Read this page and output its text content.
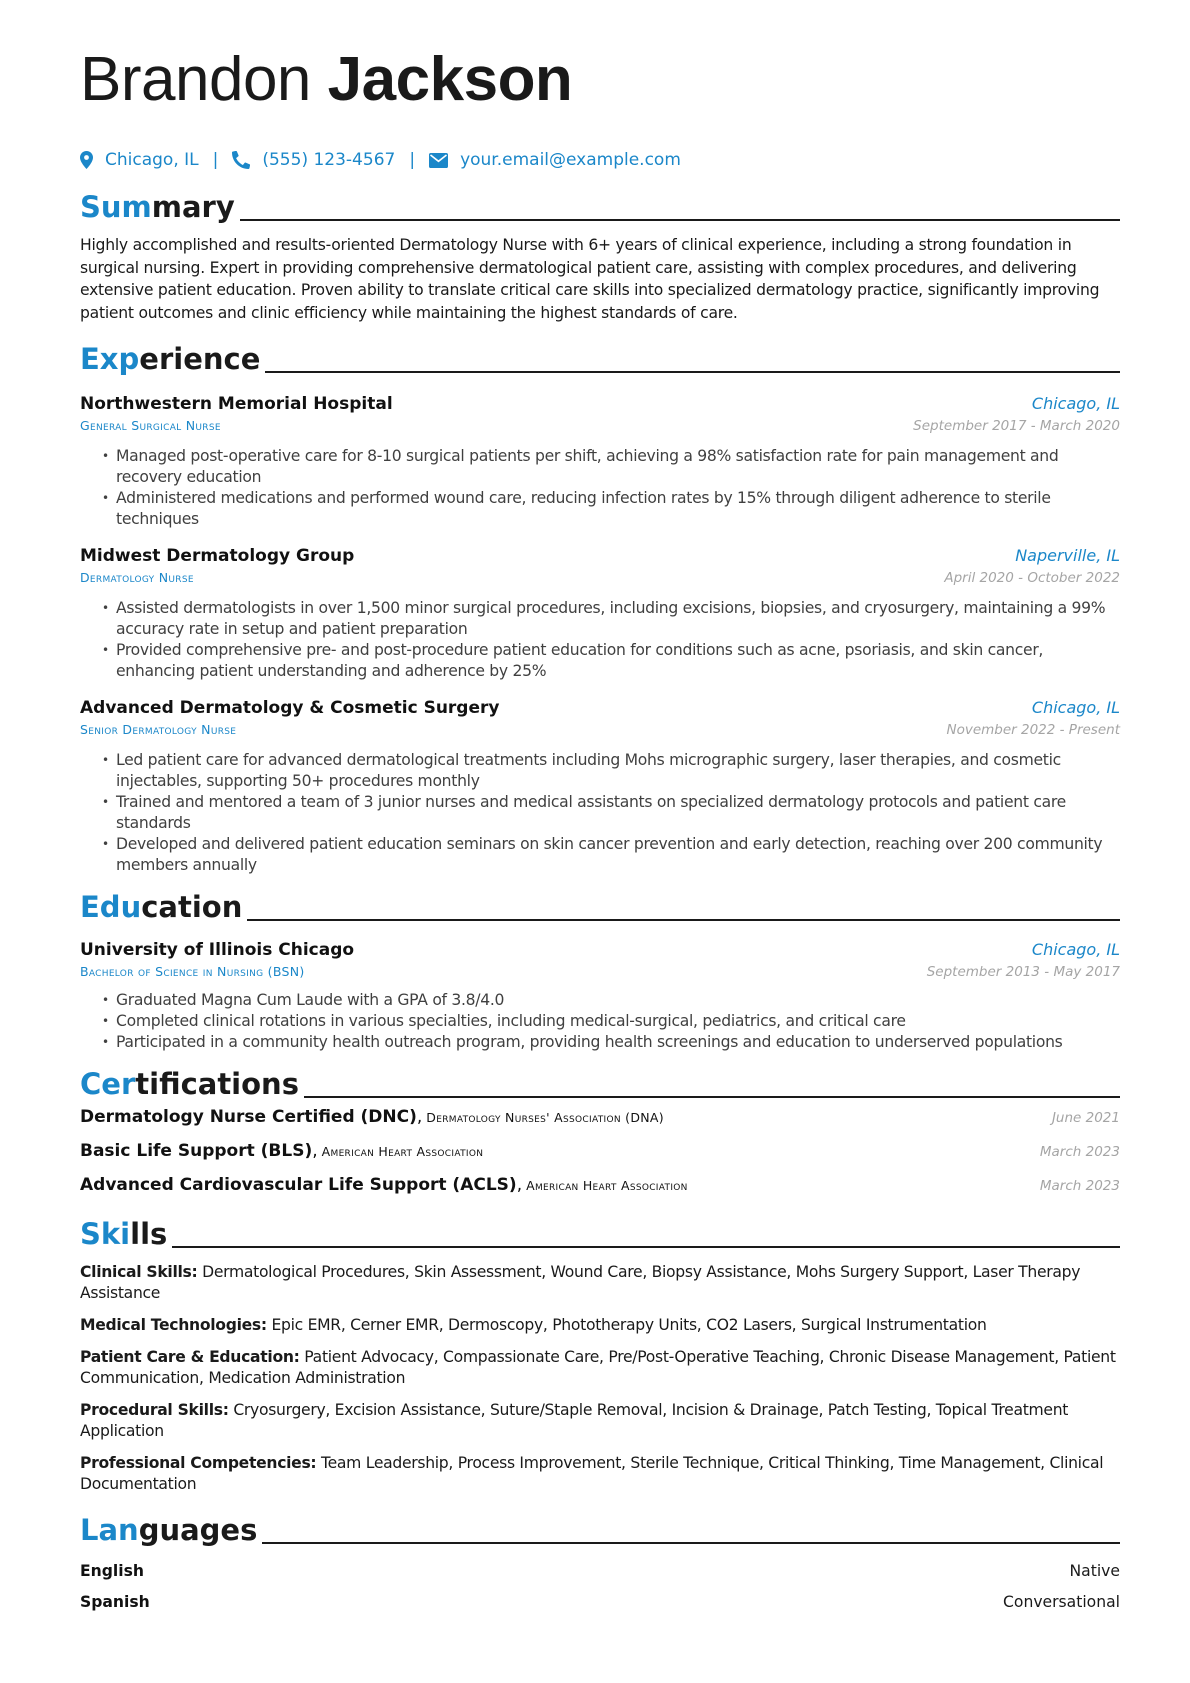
Brandon Jackson
Chicago, IL |	(555) 123-4567 |	your.email@example.com
Sum mary

Highly accomplished and results-oriented Dermatology Nurse with 6+ years of clinical experience, including a strong foundation in surgical nursing. Expert in providing comprehensive dermatological patient care, assisting with complex procedures, and delivering extensive patient education. Proven ability to translate critical care skills into specialized dermatology practice, significantly improving patient outcomes and clinic efficiency while maintaining the highest standards of care.

Exp erience
Northwestern Memorial Hospital	Chicago, IL
General Surgical Nurse	September 2017 - March 2020
• Managed post-operative care for 8-10 surgical patients per shift, achieving a 98% satisfaction rate for pain management and recovery education
• Administered medications and performed wound care, reducing infection rates by 15% through diligent adherence to sterile techniques
Midwest Dermatology Group	Naperville, IL
Dermatology Nurse	April 2020 - October 2022
• Assisted dermatologists in over 1,500 minor surgical procedures, including excisions, biopsies, and cryosurgery, maintaining a 99% accuracy rate in setup and patient preparation
• Provided comprehensive pre- and post-procedure patient education for conditions such as acne, psoriasis, and skin cancer, enhancing patient understanding and adherence by 25%
Advanced Dermatology & Cosmetic Surgery	Chicago, IL
Senior Dermatology Nurse	November 2022 - Present
• Led patient care for advanced dermatological treatments including Mohs micrographic surgery, laser therapies, and cosmetic injectables, supporting 50+ procedures monthly
• Trained and mentored a team of 3 junior nurses and medical assistants on specialized dermatology protocols and patient care standards
• Developed and delivered patient education seminars on skin cancer prevention and early detection, reaching over 200 community members annually
Edu cation
University of Illinois Chicago	Chicago, IL
Bachelor of Science in Nursing (BSN)	September 2013 - May 2017
• Graduated Magna Cum Laude with a GPA of 3.8/4.0
• Completed clinical rotations in various specialties, including medical-surgical, pediatrics, and critical care
• Participated in a community health outreach program, providing health screenings and education to underserved populations
Cer tifications
Dermatology Nurse Certified (DNC), Dermatology Nurses' Association (DNA)	June 2021
Basic Life Support (BLS), American Heart Association	March 2023
Advanced Cardiovascular Life Support (ACLS), American Heart Association	March 2023
Ski lls

Clinical Skills: Dermatological Procedures, Skin Assessment, Wound Care, Biopsy Assistance, Mohs Surgery Support, Laser Therapy Assistance

Medical Technologies: Epic EMR, Cerner EMR, Dermoscopy, Phototherapy Units, CO2 Lasers, Surgical Instrumentation

Patient Care & Education: Patient Advocacy, Compassionate Care, Pre/Post-Operative Teaching, Chronic Disease Management, Patient Communication, Medication Administration

Procedural Skills: Cryosurgery, Excision Assistance, Suture/Staple Removal, Incision & Drainage, Patch Testing, Topical Treatment Application

Professional Competencies: Team Leadership, Process Improvement, Sterile Technique, Critical Thinking, Time Management, Clinical Documentation

Lan guages
English	Native
Spanish	Conversational
